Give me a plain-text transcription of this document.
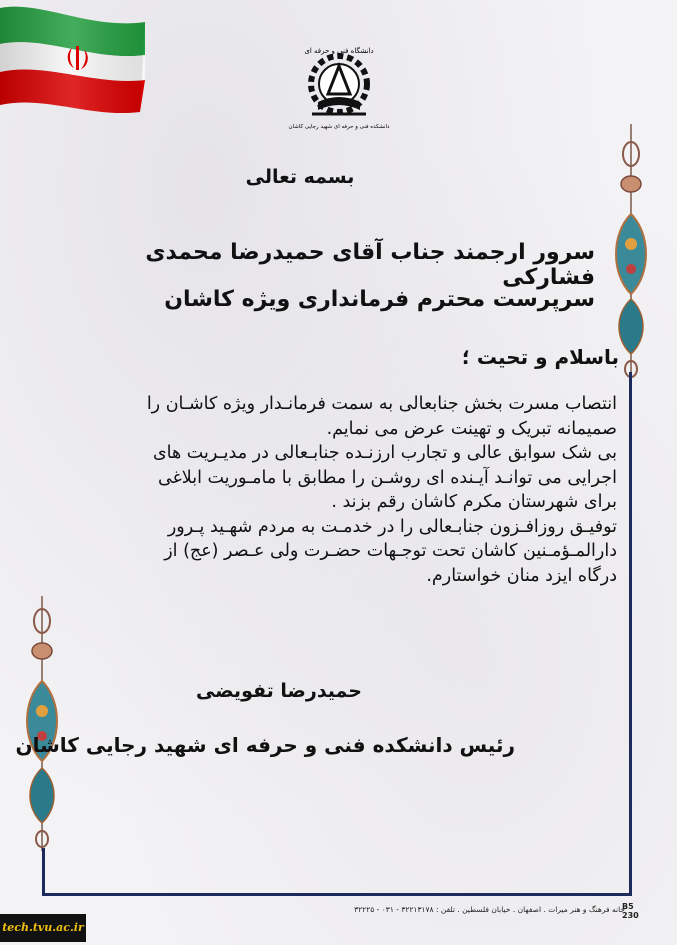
دانشگاه فنی و حرفه ای
دانشکده فنی و حرفه ای شهید رجایی کاشان
بسمه تعالی
سرور ارجمند جناب آقای حمیدرضا محمدی فشارکی
سرپرست محترم فرمانداری ویژه کاشان
باسلام و تحیت ؛

انتصاب مسرت بخش جنابعالی به سمت فرمانـدار ویژه کاشـان را

صمیمانه تبریک و تهینت عرض می نمایم.

بی شک سوابق عالی و تجارب ارزنـده جنابـعالی در مدیـریت های

اجرایی می توانـد آیـنده ای روشـن را مطابق با مامـوریت ابلاغی

برای شهرستان مکرم کاشان رقم بزند .

توفیـق روزافـزون جنابـعالی را در خدمـت به مردم شهـید پـرور

دارالمـؤمـنین کاشان تحت توجـهات حضـرت ولی عـصر (عج) از

درگاه ایزد منان خواستارم.

حمیدرضا تفویضی
رئیس دانشکده فنی و حرفه ای شهید رجایی کاشان
خانه فرهنگ و هنر میرات . اصفهان . خیابان فلسطین . تلفن : ۳۲۲۱۳۱۷۸ - ۰۳۱ - ۳۲۲۲۵
B5
230
tech.tvu.ac.ir
